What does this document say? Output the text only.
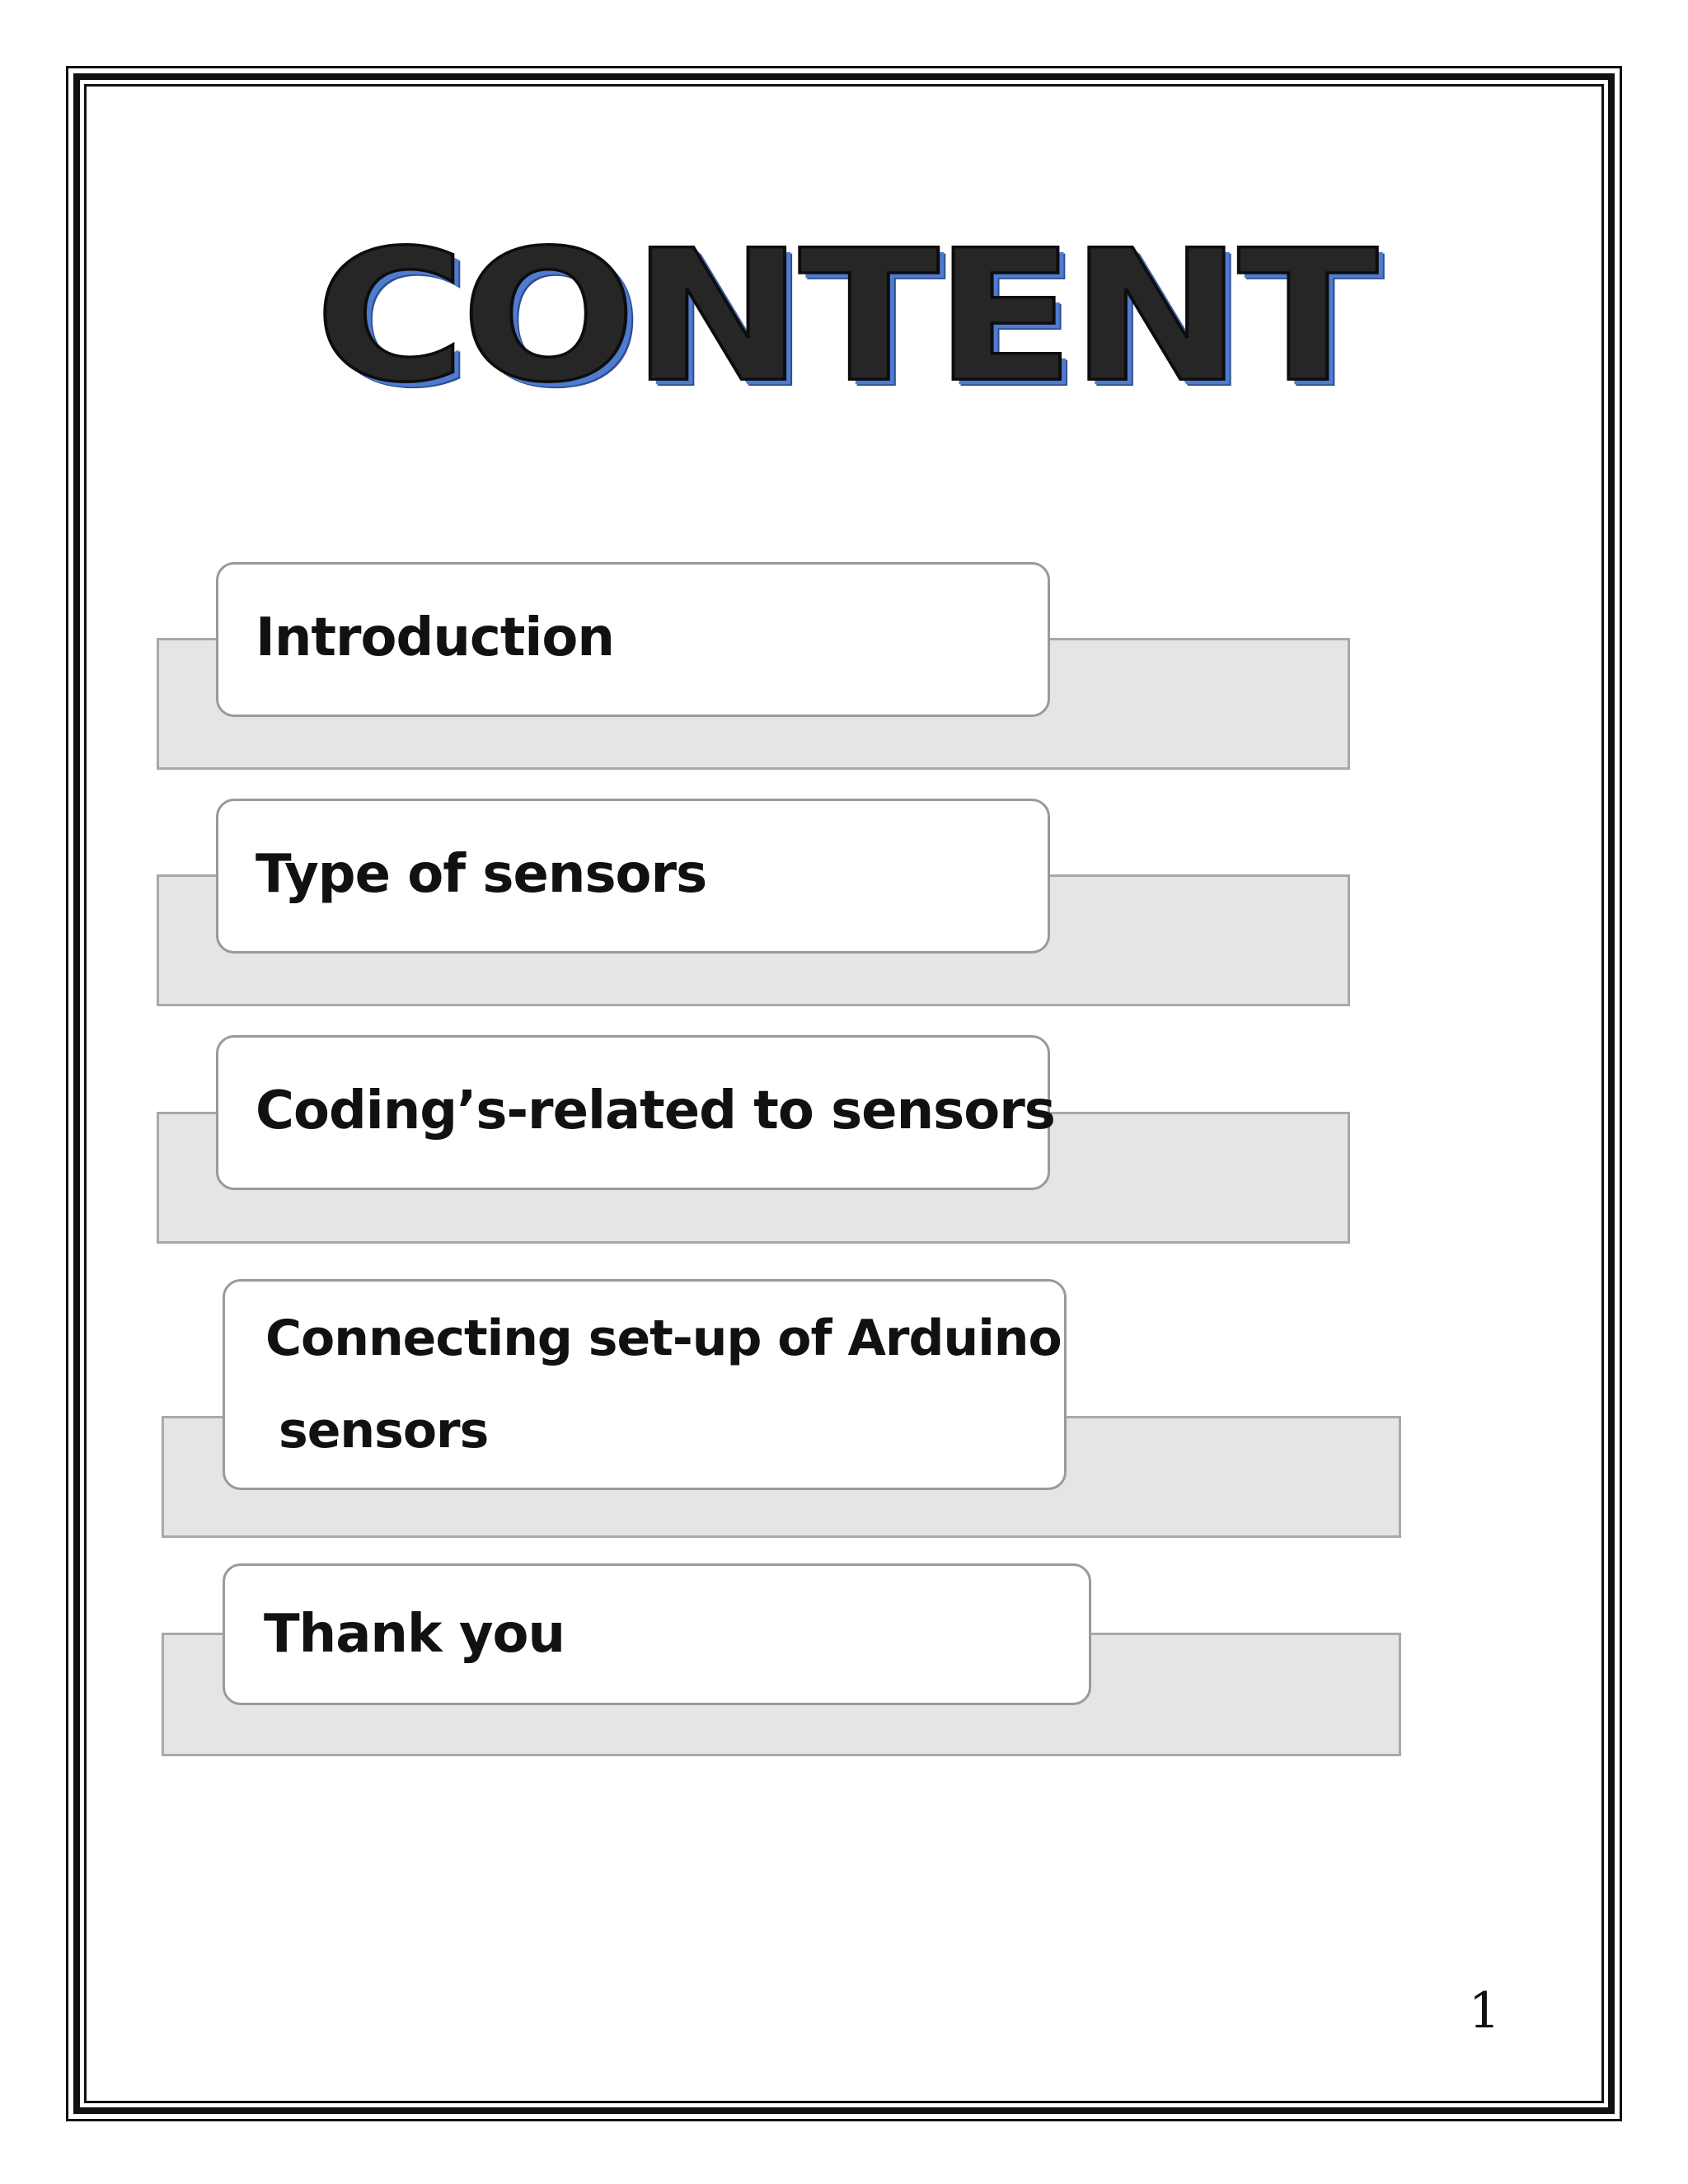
CONTENT
Introduction
Type of sensors
Coding’s-related to sensors
Connecting set-up of Arduino
sensors
Thank you
1
